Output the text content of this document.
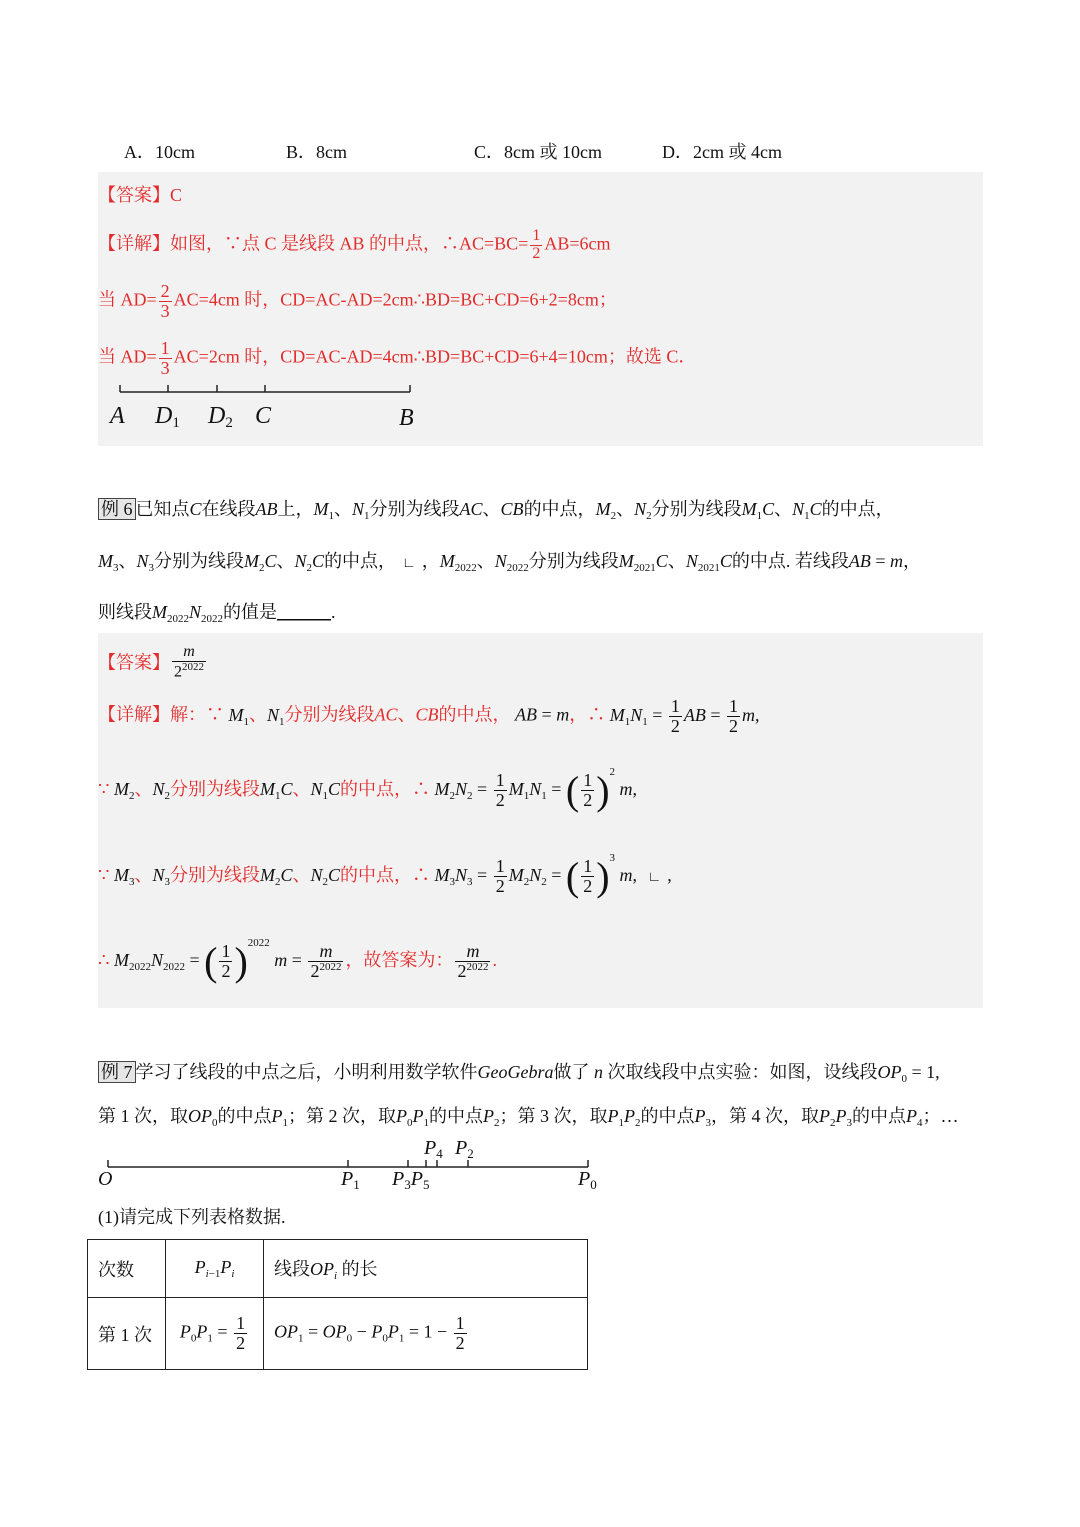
A．10cm	B．8cm	C．8cm 或 10cm	D．2cm 或 4cm
【答案】C
【详解】如图，∵点 C 是线段 AB 的中点，∴AC=BC= $\frac{1}{2} AB=6cm$
当 $AD= \frac{2}{3} AC=4cm$ 时，CD=AC-AD=2cm∴BD=BC+CD=6+2=8cm；
当 $AD= \frac{1}{3} AC=2cm$ 时，CD=AC-AD=4cm∴BD=BC+CD=6+4=10cm；故选 C．
A $D_1$ $D_2$ C	B
例 6 已知点C在线段AB上，$M_1$、$N_1$分别为线段AC、CB的中点，$M_2$、$N_2$分别为线段$M_1C$、$N_1C$的中点，
$M_3$、$N_3$分别为线段$M_2C$、$N_2C$的中点， ∟ ，$M_{2022}$、$N_{2022}$分别为线段$M_{2021}C$、$N_{2021}C$的中点. 若线段AB = m，
则线段$M_{2022}N_{2022}$的值是______.
【答案】 $\frac{m}{2^{2022}}$
【详解】解：∵ $M_1$、$N_1$分别为线段AC、CB的中点， AB = m，∴ $M_1N_1 = \frac{1}{2}$ AB = $\frac{1}{2} m$,
∵ $M_2$、$N_2$分别为线段$M_1C$、$N_1C$的中点，∴ $M_2N_2 = \frac{1}{2} M_1N_1$ = ( $\frac{1}{2} )^2$ m,
∵ $M_3$、$N_3$分别为线段$M_2C$、$N_2C$的中点，∴ $M_3N_3 = \frac{1}{2} M_2N_2$ = ( $\frac{1}{2} )^3$ m, ∟ ,
∴ $M_{2022}N_{2022}$ = ( $\frac{1}{2} )^{2022}$ $m = \frac{m}{2^{2022}}$ ，故答案为： $\frac{m}{2^{2022}}$ .
例 7 学习了线段的中点之后，小明利用数学软件GeoGebra做了 n 次取线段中点实验：如图，设线段$OP_0 = 1$,
第 1 次，取$OP_0$的中点$P_1$；第 2 次，取$P_0P_1$的中点$P_2$；第 3 次，取$P_1P_2$的中点$P_3$，第 4 次，取$P_2P_3$的中点$P_4$；…
$P_4$ $P_2$
O	$P_1$ $P_3P_5$	$P_0$
(1)请完成下列表格数据.
次数	$P_{i-1}P_i$	线段$OP_i$ 的长
第 1 次	$P_0P_1 = \frac{1}{2}$	$OP_1 = OP_0 - P_0P_1 = 1 - \frac{1}{2}$
